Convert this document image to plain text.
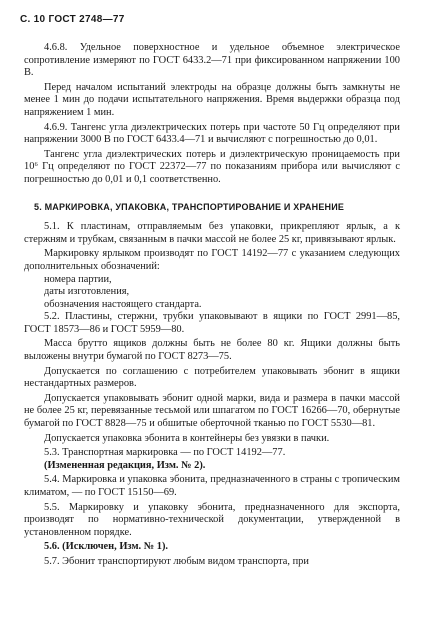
С. 10 ГОСТ 2748—77

4.6.8. Удельное поверхностное и удельное объемное электрическое сопротивление измеряют по ГОСТ 6433.2—71 при фиксированном напряжении 100 В.

Перед началом испытаний электроды на образце должны быть замкнуты не менее 1 мин до подачи испытательного напряжения. Время выдержки образца под напряжением 1 мин.

4.6.9. Тангенс угла диэлектрических потерь при частоте 50 Гц определяют при напряжении 3000 В по ГОСТ 6433.4—71 и вычисляют с погрешностью до 0,01.

Тангенс угла диэлектрических потерь и диэлектрическую проницаемость при 10⁶ Гц определяют по ГОСТ 22372—77 по показаниям прибора или вычисляют с погрешностью до 0,01 и 0,1 соответственно.

5. МАРКИРОВКА, УПАКОВКА, ТРАНСПОРТИРОВАНИЕ И ХРАНЕНИЕ

5.1. К пластинам, отправляемым без упаковки, прикрепляют ярлык, а к стержням и трубкам, связанным в пачки массой не более 25 кг, привязывают ярлык.

Маркировку ярлыком производят по ГОСТ 14192—77 с указанием следующих дополнительных обозначений:

номера партии,

даты изготовления,

обозначения настоящего стандарта.

5.2. Пластины, стержни, трубки упаковывают в ящики по ГОСТ 2991—85, ГОСТ 18573—86 и ГОСТ 5959—80.

Масса брутто ящиков должны быть не более 80 кг. Ящики должны быть выложены внутри бумагой по ГОСТ 8273—75.

Допускается по соглашению с потребителем упаковывать эбонит в ящики нестандартных размеров.

Допускается упаковывать эбонит одной марки, вида и размера в пачки массой не более 25 кг, перевязанные тесьмой или шпагатом по ГОСТ 16266—70, обернутые бумагой по ГОСТ 8828—75 и обшитые оберточной тканью по ГОСТ 5530—81.

Допускается упаковка эбонита в контейнеры без увязки в пачки.

5.3. Транспортная маркировка — по ГОСТ 14192—77.

(Измененная редакция, Изм. № 2).

5.4. Маркировка и упаковка эбонита, предназначенного в страны с тропическим климатом, — по ГОСТ 15150—69.

5.5. Маркировку и упаковку эбонита, предназначенного для экспорта, производят по нормативно-технической документации, утвержденной в установленном порядке.

5.6. (Исключен, Изм. № 1).

5.7. Эбонит транспортируют любым видом транспорта, при
